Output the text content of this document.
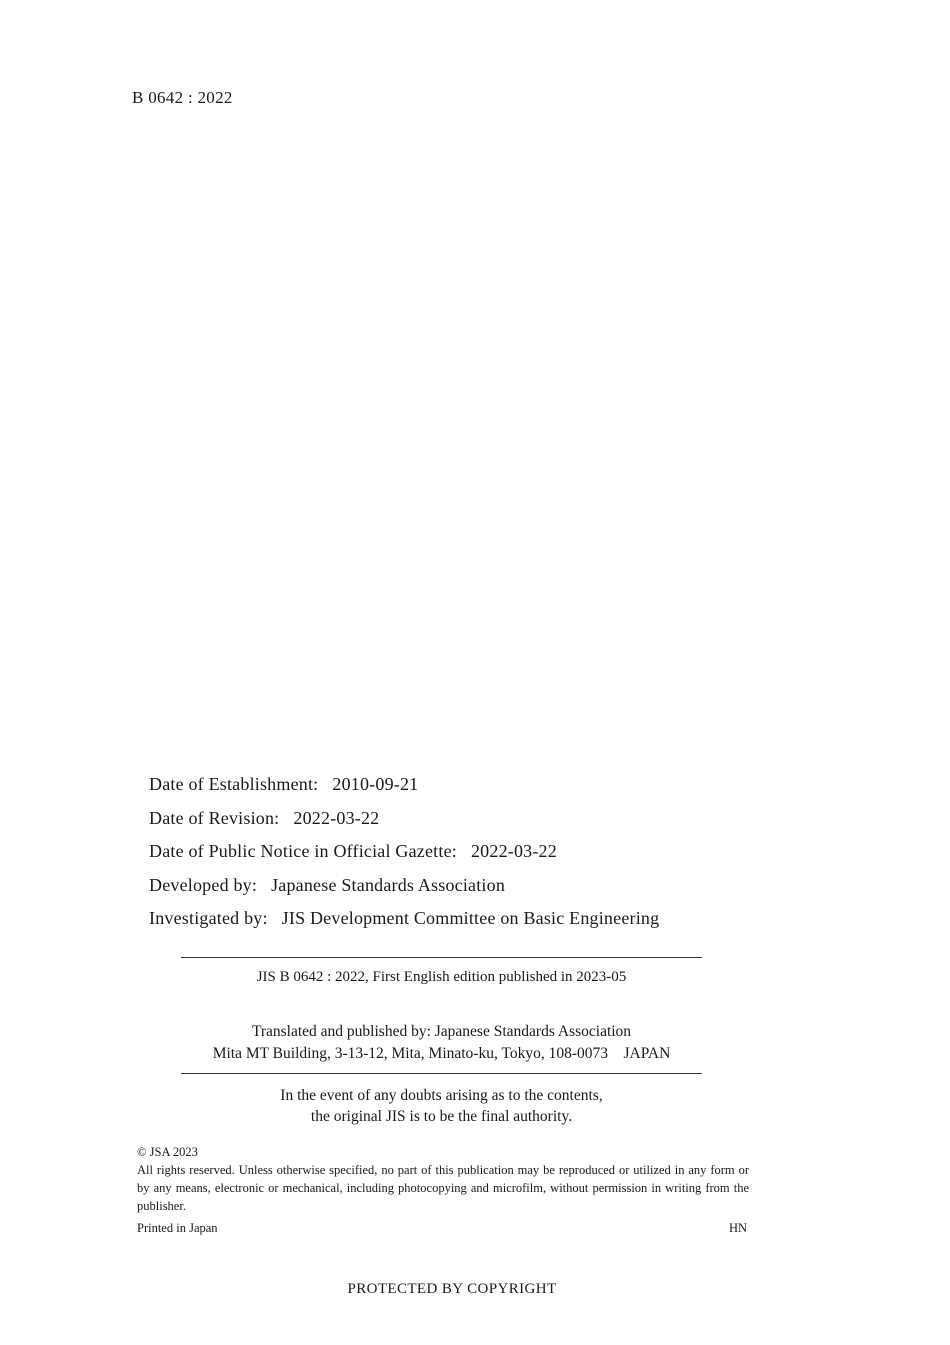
B 0642 : 2022
Date of Establishment: 2010-09-21
Date of Revision: 2022-03-22
Date of Public Notice in Official Gazette: 2022-03-22
Developed by: Japanese Standards Association
Investigated by: JIS Development Committee on Basic Engineering
JIS B 0642 : 2022, First English edition published in 2023-05
Translated and published by: Japanese Standards Association
Mita MT Building, 3-13-12, Mita, Minato-ku, Tokyo, 108-0073    JAPAN
In the event of any doubts arising as to the contents,
the original JIS is to be the final authority.
© JSA 2023
All rights reserved. Unless otherwise specified, no part of this publication may be reproduced or utilized in any form or by any means, electronic or mechanical, including photocopying and microfilm, without permission in writing from the publisher.
Printed in Japan	HN
PROTECTED BY COPYRIGHT
